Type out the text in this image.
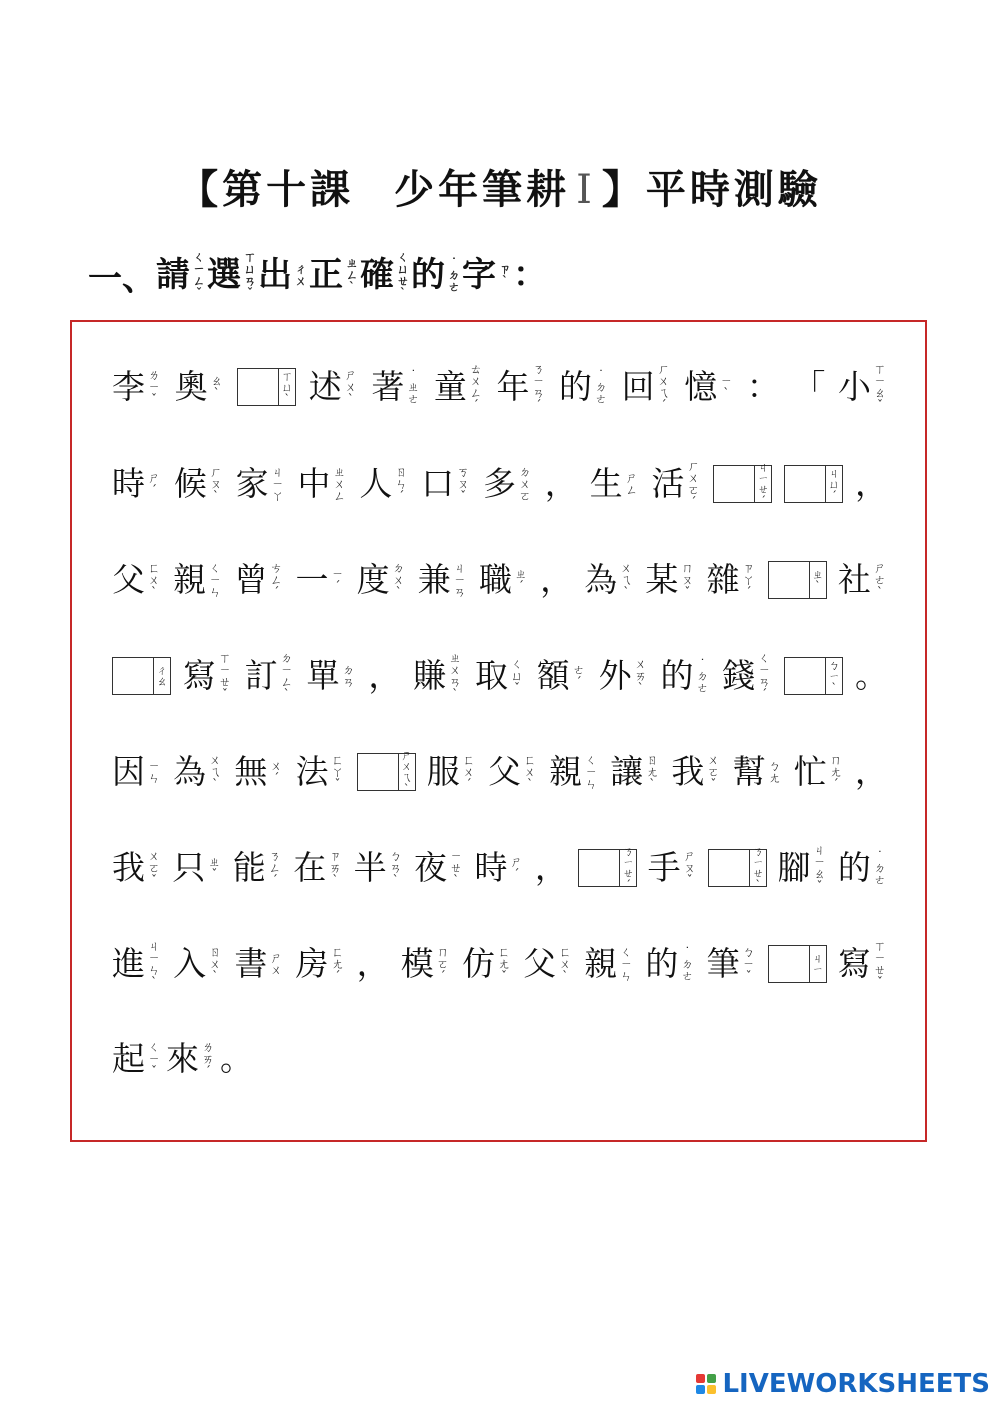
【第十課 少年筆耕 Ⅰ 】平時測驗
一、 請 ㄑ
ㄧ
ㄥ
ˇ 選 ㄒ
ㄩ
ㄢ
ˇ 出 ㄔ
ㄨ 正 ㄓ
ㄥ
ˋ 確 ㄑ
ㄩ
ㄝ
ˋ 的 ˙
ㄉ
ㄜ 字 ㄗ
ˋ ：
李 ㄌ
ㄧ
ˇ 奧 ㄠ
ˋ
ㄒ
ㄩ
ˋ 述 ㄕ
ㄨ
ˋ 著 ˙
ㄓ
ㄜ 童 ㄊ
ㄨ
ㄥ
ˊ 年 ㄋ
ㄧ
ㄢ
ˊ 的 ˙
ㄉ
ㄜ 回 ㄏ
ㄨ
ㄟ
ˊ 憶 ㄧ
ˋ ： 「 小 ㄒ
ㄧ
ㄠ
ˇ
時 ㄕ
ˊ 候 ㄏ
ㄡ
ˋ 家 ㄐ
ㄧ
ㄚ 中 ㄓ
ㄨ
ㄥ 人 ㄖ
ㄣ
ˊ 口 ㄎ
ㄡ
ˇ 多 ㄉ
ㄨ
ㄛ ， 生 ㄕ
ㄥ 活 ㄏ
ㄨ
ㄛ
ˊ
ㄐ
ㄧ
ㄝ
ˊ
ㄐ
ㄩ
ˊ ，
父 ㄈ
ㄨ
ˋ 親 ㄑ
ㄧ
ㄣ 曾 ㄘ
ㄥ
ˊ 一 ㄧ
ˊ 度 ㄉ
ㄨ
ˋ 兼 ㄐ
ㄧ
ㄢ 職 ㄓ
ˊ ， 為 ㄨ
ㄟ
ˋ 某 ㄇ
ㄡ
ˇ 雜 ㄗ
ㄚ
ˊ
ㄓ
ˋ 社 ㄕ
ㄜ
ˋ
ㄔ
ㄠ 寫 ㄒ
ㄧ
ㄝ
ˇ 訂 ㄉ
ㄧ
ㄥ
ˋ 單 ㄉ
ㄢ ， 賺 ㄓ
ㄨ
ㄢ
ˋ 取 ㄑ
ㄩ
ˇ 額 ㄜ
ˊ 外 ㄨ
ㄞ
ˋ 的 ˙
ㄉ
ㄜ 錢 ㄑ
ㄧ
ㄢ
ˊ
ㄅ
ㄧ
ˋ 。
因 ㄧ
ㄣ 為 ㄨ
ㄟ
ˋ 無 ㄨ
ˊ 法 ㄈ
ㄚ
ˇ
ㄕ
ㄨ
ㄟ
ˋ 服 ㄈ
ㄨ
ˊ 父 ㄈ
ㄨ
ˋ 親 ㄑ
ㄧ
ㄣ 讓 ㄖ
ㄤ
ˋ 我 ㄨ
ㄛ
ˇ 幫 ㄅ
ㄤ 忙 ㄇ
ㄤ
ˊ ，
我 ㄨ
ㄛ
ˇ 只 ㄓ
ˇ 能 ㄋ
ㄥ
ˊ 在 ㄗ
ㄞ
ˋ 半 ㄅ
ㄢ
ˋ 夜 ㄧ
ㄝ
ˋ 時 ㄕ
ˊ ，	ㄋ
ㄧ
ㄝ
ˊ 手 ㄕ
ㄡ
ˇ
ㄋ
ㄧ
ㄝ
ˋ 腳 ㄐ
ㄧ
ㄠ
ˇ 的 ˙
ㄉ
ㄜ
進 ㄐ
ㄧ
ㄣ
ˋ 入 ㄖ
ㄨ
ˋ 書 ㄕ
ㄨ 房 ㄈ
ㄤ
ˊ ， 模 ㄇ
ㄛ
ˊ 仿 ㄈ
ㄤ
ˇ 父 ㄈ
ㄨ
ˋ 親 ㄑ
ㄧ
ㄣ 的 ˙
ㄉ
ㄜ 筆 ㄅ
ㄧ
ˇ
ㄐ
ㄧ 寫 ㄒ
ㄧ
ㄝ
ˇ
起 ㄑ
ㄧ
ˇ 來 ㄌ
ㄞ
ˊ 。
LIVEWORKSHEETS
